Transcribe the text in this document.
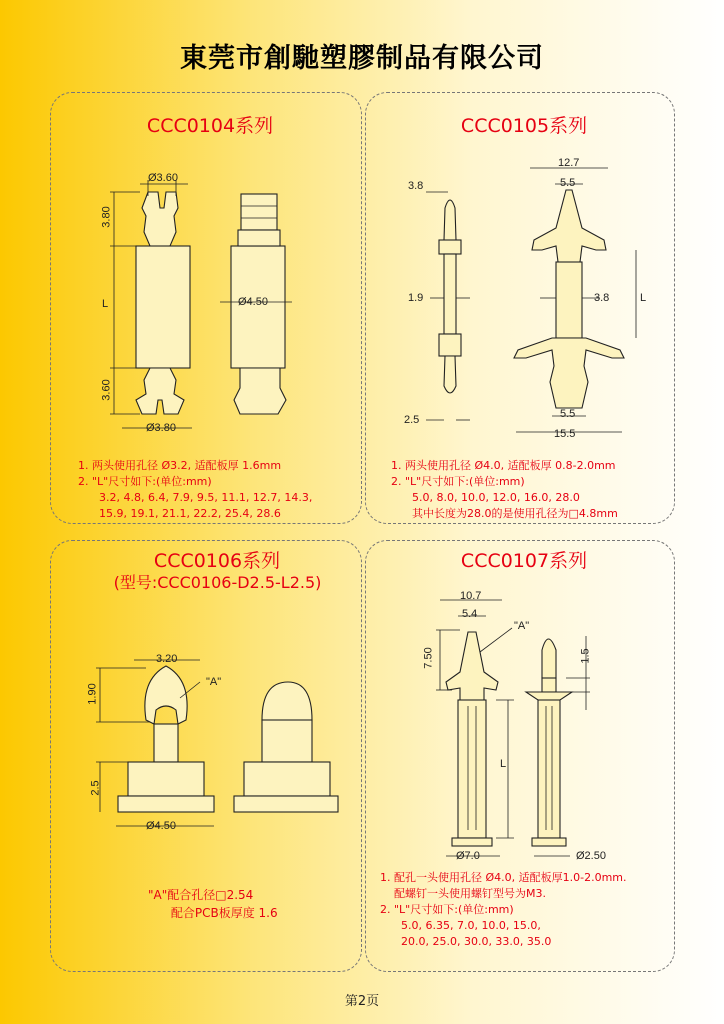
東莞市創馳塑膠制品有限公司
CCC0104系列	CCC0105系列
CCC0106系列
(型号:CCC0106-D2.5-L2.5)
CCC0107系列
Ø3.60
3.80
L	Ø4.50
3.60
Ø3.80
12.7
5.5
3.8
1.9	3.8	L
2.5	5.5
15.5
3.20
1.90
"A"
2.5
Ø4.50
10.7
5.4
"A"
7.50	1.5
L
Ø7.0	Ø2.50
1. 两头使用孔径 Ø3.2, 适配板厚 1.6mm
2. "L"尺寸如下:(单位:mm)
3.2, 4.8, 6.4, 7.9, 9.5, 11.1, 12.7, 14.3,
15.9, 19.1, 21.1, 22.2, 25.4, 28.6
1. 两头使用孔径 Ø4.0, 适配板厚 0.8-2.0mm
2. "L"尺寸如下:(单位:mm)
5.0, 8.0, 10.0, 12.0, 16.0, 28.0
其中长度为28.0的是使用孔径为□4.8mm
"A"配合孔径□2.54
配合PCB板厚度 1.6
1. 配孔一头使用孔径 Ø4.0, 适配板厚1.0-2.0mm.
配螺钉一头使用螺钉型号为M3.
2. "L"尺寸如下:(单位:mm)
5.0, 6.35, 7.0, 10.0, 15.0,
20.0, 25.0, 30.0, 33.0, 35.0
第2页
